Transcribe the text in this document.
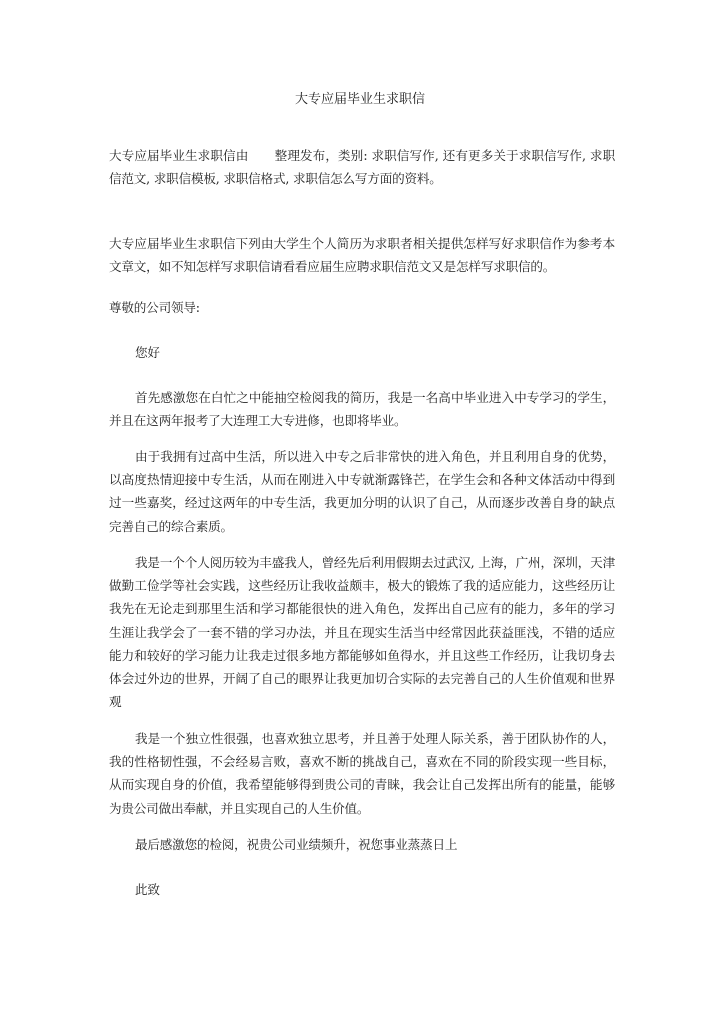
大专应届毕业生求职信

大专应届毕业生求职信由 整理发布，类别: 求职信写作, 还有更多关于求职信写作, 求职信范文, 求职信模板, 求职信格式, 求职信怎么写方面的资料。

大专应届毕业生求职信下列由大学生个人简历为求职者相关提供怎样写好求职信作为参考本文章文，如不知怎样写求职信请看看应届生应聘求职信范文又是怎样写求职信的。

尊敬的公司领导:

您好

首先感激您在白忙之中能抽空检阅我的简历，我是一名高中毕业进入中专学习的学生，并且在这两年报考了大连理工大专进修，也即将毕业。

由于我拥有过高中生活，所以进入中专之后非常快的进入角色，并且利用自身的优势，以高度热情迎接中专生活，从而在刚进入中专就渐露锋芒，在学生会和各种文体活动中得到过一些嘉奖，经过这两年的中专生活，我更加分明的认识了自己，从而逐步改善自身的缺点完善自己的综合素质。

我是一个个人阅历较为丰盛我人，曾经先后利用假期去过武汉, 上海，广州，深圳，天津做勤工俭学等社会实践，这些经历让我收益颇丰，极大的锻炼了我的适应能力，这些经历让我先在无论走到那里生活和学习都能很快的进入角色，发挥出自己应有的能力，多年的学习生涯让我学会了一套不错的学习办法，并且在现实生活当中经常因此获益匪浅，不错的适应能力和较好的学习能力让我走过很多地方都能够如鱼得水，并且这些工作经历，让我切身去体会过外边的世界，开阔了自己的眼界让我更加切合实际的去完善自己的人生价值观和世界观

我是一个独立性很强，也喜欢独立思考，并且善于处理人际关系，善于团队协作的人，我的性格韧性强，不会经易言败，喜欢不断的挑战自己，喜欢在不同的阶段实现一些目标，从而实现自身的价值，我希望能够得到贵公司的青睐，我会让自己发挥出所有的能量，能够为贵公司做出奉献，并且实现自己的人生价值。

最后感激您的检阅，祝贵公司业绩频升，祝您事业蒸蒸日上

此致
